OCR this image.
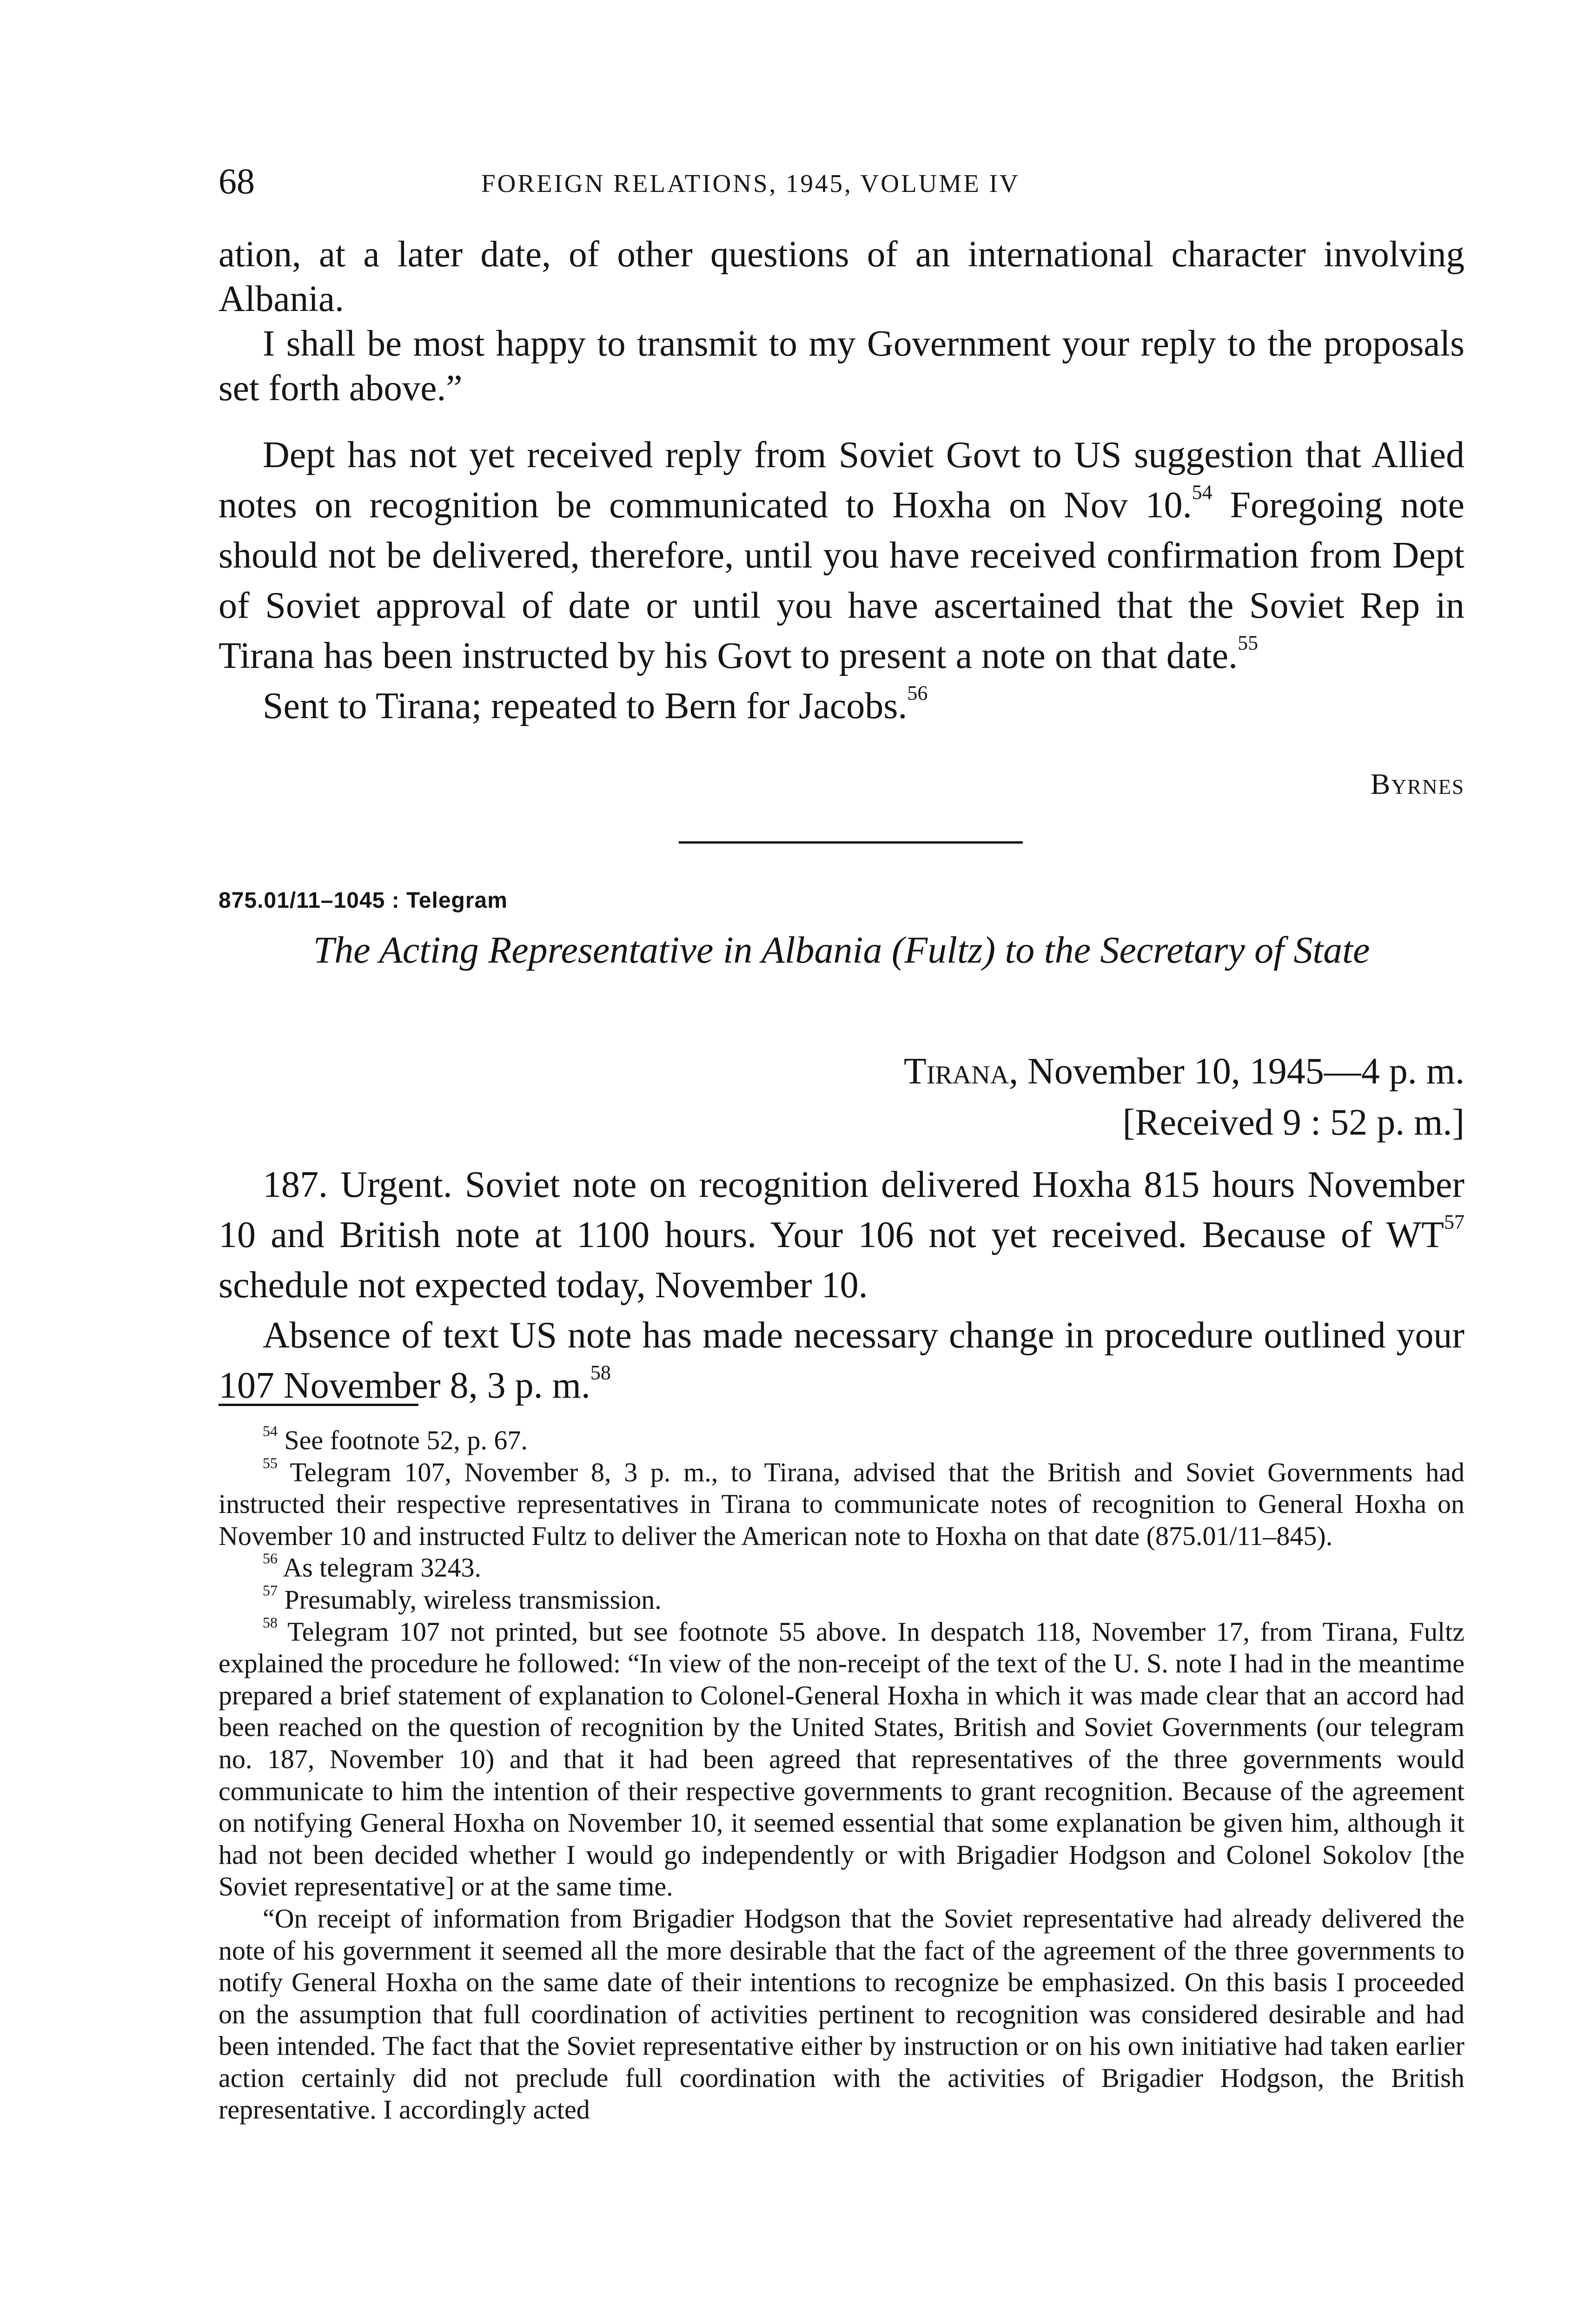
68	FOREIGN RELATIONS, 1945, VOLUME IV

ation, at a later date, of other questions of an international character involving Albania.

I shall be most happy to transmit to my Government your reply to the proposals set forth above.”

Dept has not yet received reply from Soviet Govt to US suggestion that Allied notes on recognition be communicated to Hoxha on Nov 10.54 Foregoing note should not be delivered, therefore, until you have received confirmation from Dept of Soviet approval of date or until you have ascertained that the Soviet Rep in Tirana has been instructed by his Govt to present a note on that date.$^{55}$

Sent to Tirana; repeated to Bern for Jacobs.$^{56}$

Byrnes
875.01/11–1045 : Telegram
The Acting Representative in Albania (Fultz) to the Secretary of State
Tirana, November 10, 1945—4 p. m.
[Received 9 : 52 p. m.]

187. Urgent. Soviet note on recognition delivered Hoxha 815 hours November 10 and British note at 1100 hours. Your 106 not yet received. Because of WT$^{57}$ schedule not expected today, November 10.

Absence of text US note has made necessary change in procedure outlined your 107 November 8, 3 p. m.$^{58}$

$^{54}$ See footnote 52, p. 67.

$^{55}$ Telegram 107, November 8, 3 p. m., to Tirana, advised that the British and Soviet Governments had instructed their respective representatives in Tirana to communicate notes of recognition to General Hoxha on November 10 and instructed Fultz to deliver the American note to Hoxha on that date (875.01/11–845).

$^{56}$ As telegram 3243.

$^{57}$ Presumably, wireless transmission.

$^{58}$ Telegram 107 not printed, but see footnote 55 above. In despatch 118, November 17, from Tirana, Fultz explained the procedure he followed: “In view of the non-receipt of the text of the U. S. note I had in the meantime prepared a brief statement of explanation to Colonel-General Hoxha in which it was made clear that an accord had been reached on the question of recognition by the United States, British and Soviet Governments (our telegram no. 187, November 10) and that it had been agreed that representatives of the three governments would communicate to him the intention of their respective governments to grant recognition. Because of the agreement on notifying General Hoxha on November 10, it seemed essential that some explanation be given him, although it had not been decided whether I would go independently or with Brigadier Hodgson and Colonel Sokolov [the Soviet representative] or at the same time.

“On receipt of information from Brigadier Hodgson that the Soviet representative had already delivered the note of his government it seemed all the more desirable that the fact of the agreement of the three governments to notify General Hoxha on the same date of their intentions to recognize be emphasized. On this basis I proceeded on the assumption that full coordination of activities pertinent to recognition was considered desirable and had been intended. The fact that the Soviet representative either by instruction or on his own initiative had taken earlier action certainly did not preclude full coordination with the activities of Brigadier Hodgson, the British representative. I accordingly acted
